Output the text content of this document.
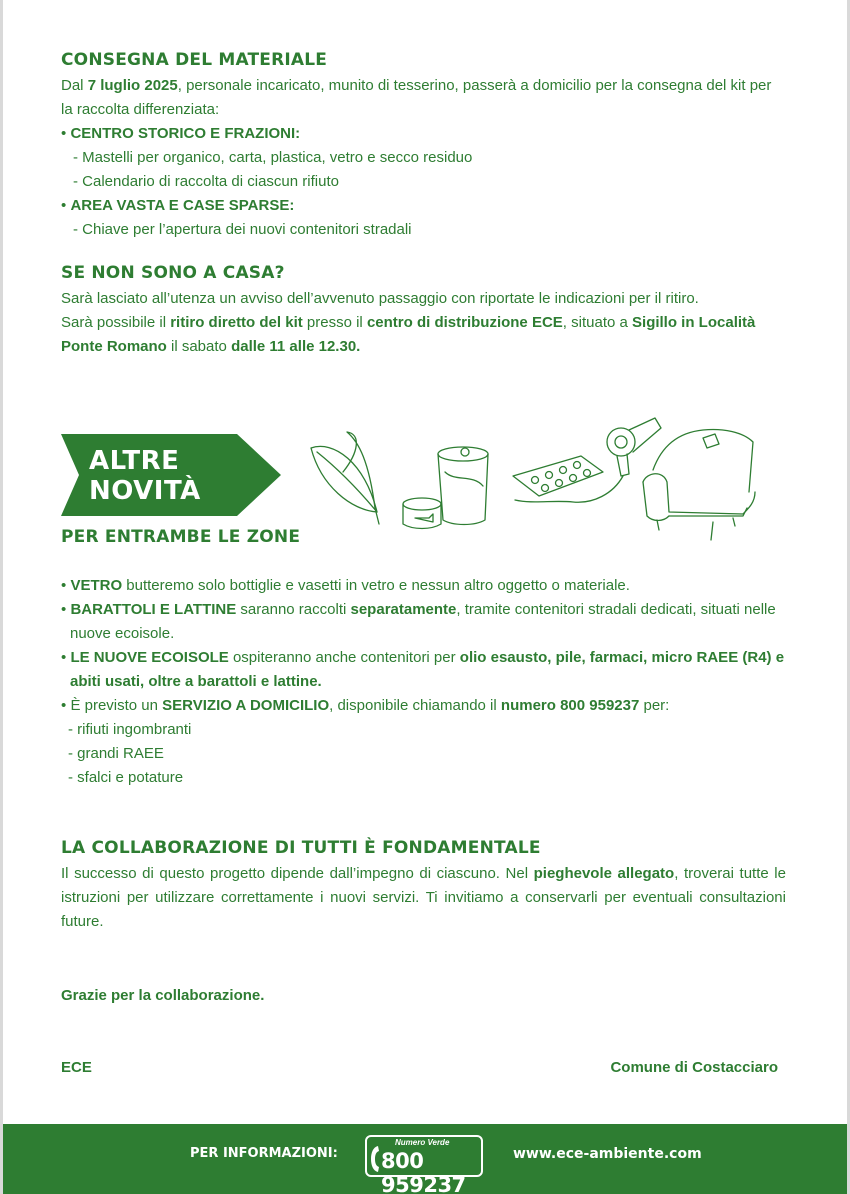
CONSEGNA DEL MATERIALE

Dal 7 luglio 2025, personale incaricato, munito di tesserino, passerà a domicilio per la consegna del kit per la raccolta differenziata:

• CENTRO STORICO E FRAZIONI:
- Mastelli per organico, carta, plastica, vetro e secco residuo
- Calendario di raccolta di ciascun rifiuto
• AREA VASTA E CASE SPARSE:
- Chiave per l’apertura dei nuovi contenitori stradali
SE NON SONO A CASA?

Sarà lasciato all’utenza un avviso dell’avvenuto passaggio con riportate le indicazioni per il ritiro.

Sarà possibile il ritiro diretto del kit presso il centro di distribuzione ECE, situato a Sigillo in Località Ponte Romano il sabato dalle 11 alle 12.30.

ALTRE
NOVITÀ
PER ENTRAMBE LE ZONE
• VETRO butteremo solo bottiglie e vasetti in vetro e nessun altro oggetto o materiale.
• BARATTOLI E LATTINE saranno raccolti separatamente, tramite contenitori stradali dedicati, situati nelle nuove ecoisole.
• LE NUOVE ECOISOLE ospiteranno anche contenitori per olio esausto, pile, farmaci, micro RAEE (R4) e abiti usati, oltre a barattoli e lattine.
• È previsto un SERVIZIO A DOMICILIO, disponibile chiamando il numero 800 959237 per:
- rifiuti ingombranti
- grandi RAEE
- sfalci e potature
LA COLLABORAZIONE DI TUTTI È FONDAMENTALE

Il successo di questo progetto dipende dall’impegno di ciascuno. Nel pieghevole allegato, troverai tutte le istruzioni per utilizzare correttamente i nuovi servizi. Ti invitiamo a conservarli per eventuali consultazioni future.

Grazie per la collaborazione.

ECE	Comune di Costacciaro

PER INFORMAZIONI:
Numero Verde
800 959237
www.ece-ambiente.com
